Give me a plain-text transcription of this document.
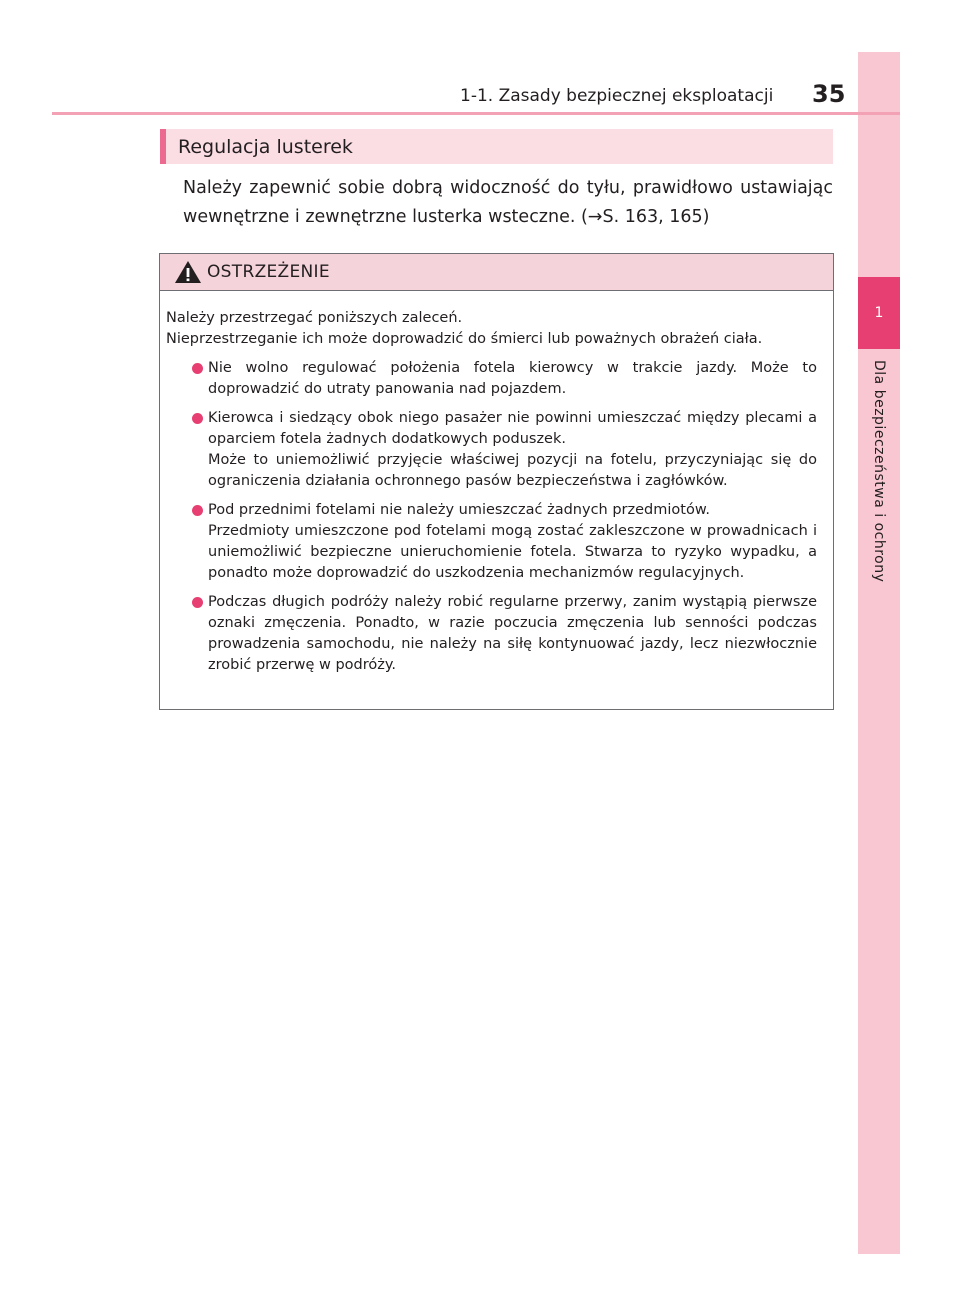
1
Dla bezpieczeństwa i ochrony
1-1. Zasady bezpiecznej eksploatacji 35
Regulacja lusterek
Należy zapewnić sobie dobrą widoczność do tyłu, prawidłowo ustawiając wewnętrzne i zewnętrzne lusterka wsteczne. (→S. 163, 165)
OSTRZEŻENIE

Należy przestrzegać poniższych zaleceń.

Nieprzestrzeganie ich może doprowadzić do śmierci lub poważnych obrażeń ciała.

Nie wolno regulować położenia fotela kierowcy w trakcie jazdy. Może to doprowadzić do utraty panowania nad pojazdem.

Kierowca i siedzący obok niego pasażer nie powinni umieszczać między plecami a oparciem fotela żadnych dodatkowych poduszek.

Może to uniemożliwić przyjęcie właściwej pozycji na fotelu, przyczyniając się do ograniczenia działania ochronnego pasów bezpieczeństwa i zagłówków.

Pod przednimi fotelami nie należy umieszczać żadnych przedmiotów.

Przedmioty umieszczone pod fotelami mogą zostać zakleszczone w prowadnicach i uniemożliwić bezpieczne unieruchomienie fotela. Stwarza to ryzyko wypadku, a ponadto może doprowadzić do uszkodzenia mechanizmów regulacyjnych.

Podczas długich podróży należy robić regularne przerwy, zanim wystąpią pierwsze oznaki zmęczenia. Ponadto, w razie poczucia zmęczenia lub senności podczas prowadzenia samochodu, nie należy na siłę kontynuować jazdy, lecz niezwłocznie zrobić przerwę w podróży.
